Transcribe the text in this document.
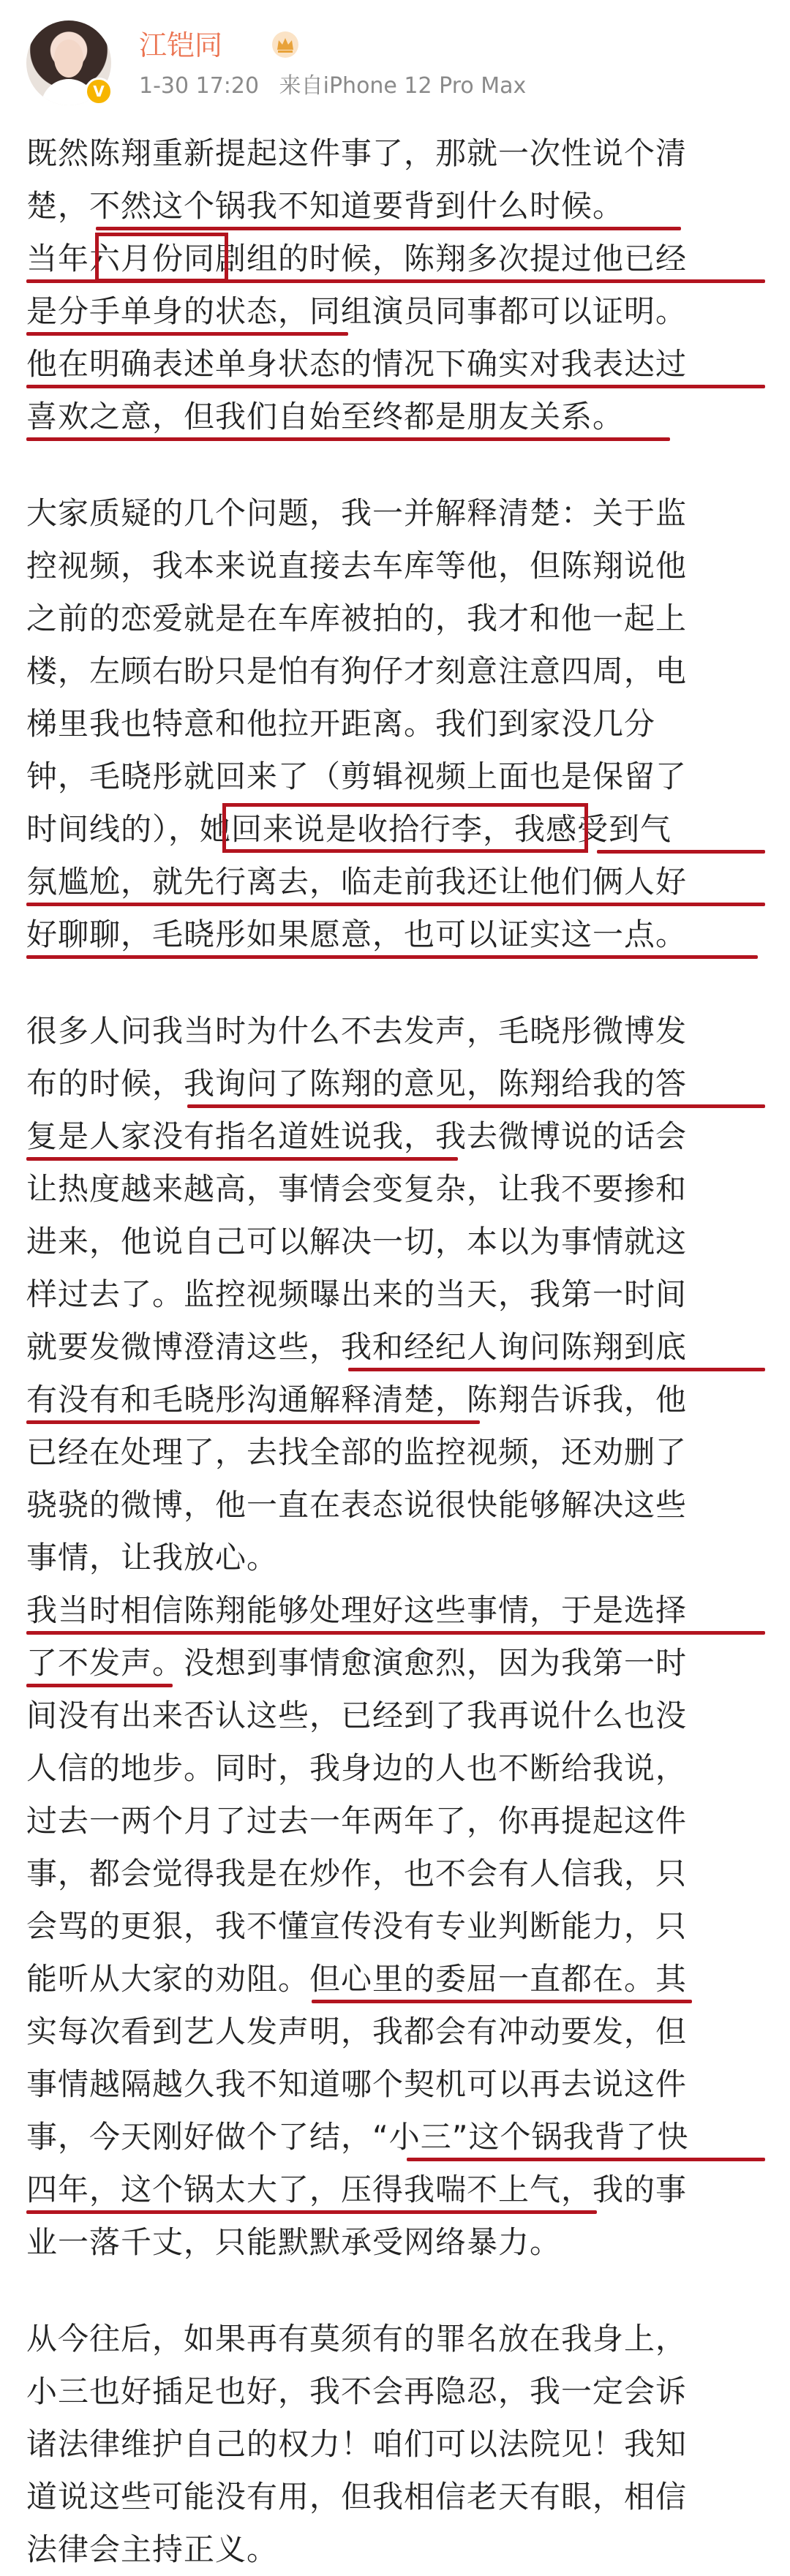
V
江铠同
1-30 17:20 来自iPhone 12 Pro Max
既然陈翔重新提起这件事了，那就一次性说个清
楚，不然这个锅我不知道要背到什么时候。
当年六月份同剧组的时候，陈翔多次提过他已经
是分手单身的状态，同组演员同事都可以证明。
他在明确表述单身状态的情况下确实对我表达过
喜欢之意，但我们自始至终都是朋友关系。
大家质疑的几个问题，我一并解释清楚：关于监
控视频，我本来说直接去车库等他，但陈翔说他
之前的恋爱就是在车库被拍的，我才和他一起上
楼，左顾右盼只是怕有狗仔才刻意注意四周，电
梯里我也特意和他拉开距离。我们到家没几分
钟，毛晓彤就回来了（剪辑视频上面也是保留了
时间线的），她回来说是收拾行李，我感受到气
氛尴尬，就先行离去，临走前我还让他们俩人好
好聊聊，毛晓彤如果愿意，也可以证实这一点。
很多人问我当时为什么不去发声，毛晓彤微博发
布的时候，我询问了陈翔的意见，陈翔给我的答
复是人家没有指名道姓说我，我去微博说的话会
让热度越来越高，事情会变复杂，让我不要掺和
进来，他说自己可以解决一切，本以为事情就这
样过去了。监控视频曝出来的当天，我第一时间
就要发微博澄清这些，我和经纪人询问陈翔到底
有没有和毛晓彤沟通解释清楚，陈翔告诉我，他
已经在处理了，去找全部的监控视频，还劝删了
骁骁的微博，他一直在表态说很快能够解决这些
事情，让我放心。
我当时相信陈翔能够处理好这些事情，于是选择
了不发声。没想到事情愈演愈烈，因为我第一时
间没有出来否认这些，已经到了我再说什么也没
人信的地步。同时，我身边的人也不断给我说，
过去一两个月了过去一年两年了，你再提起这件
事，都会觉得我是在炒作，也不会有人信我，只
会骂的更狠，我不懂宣传没有专业判断能力，只
能听从大家的劝阻。但心里的委屈一直都在。其
实每次看到艺人发声明，我都会有冲动要发，但
事情越隔越久我不知道哪个契机可以再去说这件
事，今天刚好做个了结，“小三”这个锅我背了快
四年，这个锅太大了，压得我喘不上气，我的事
业一落千丈，只能默默承受网络暴力。
从今往后，如果再有莫须有的罪名放在我身上，
小三也好插足也好，我不会再隐忍，我一定会诉
诸法律维护自己的权力！咱们可以法院见！我知
道说这些可能没有用，但我相信老天有眼，相信
法律会主持正义。
